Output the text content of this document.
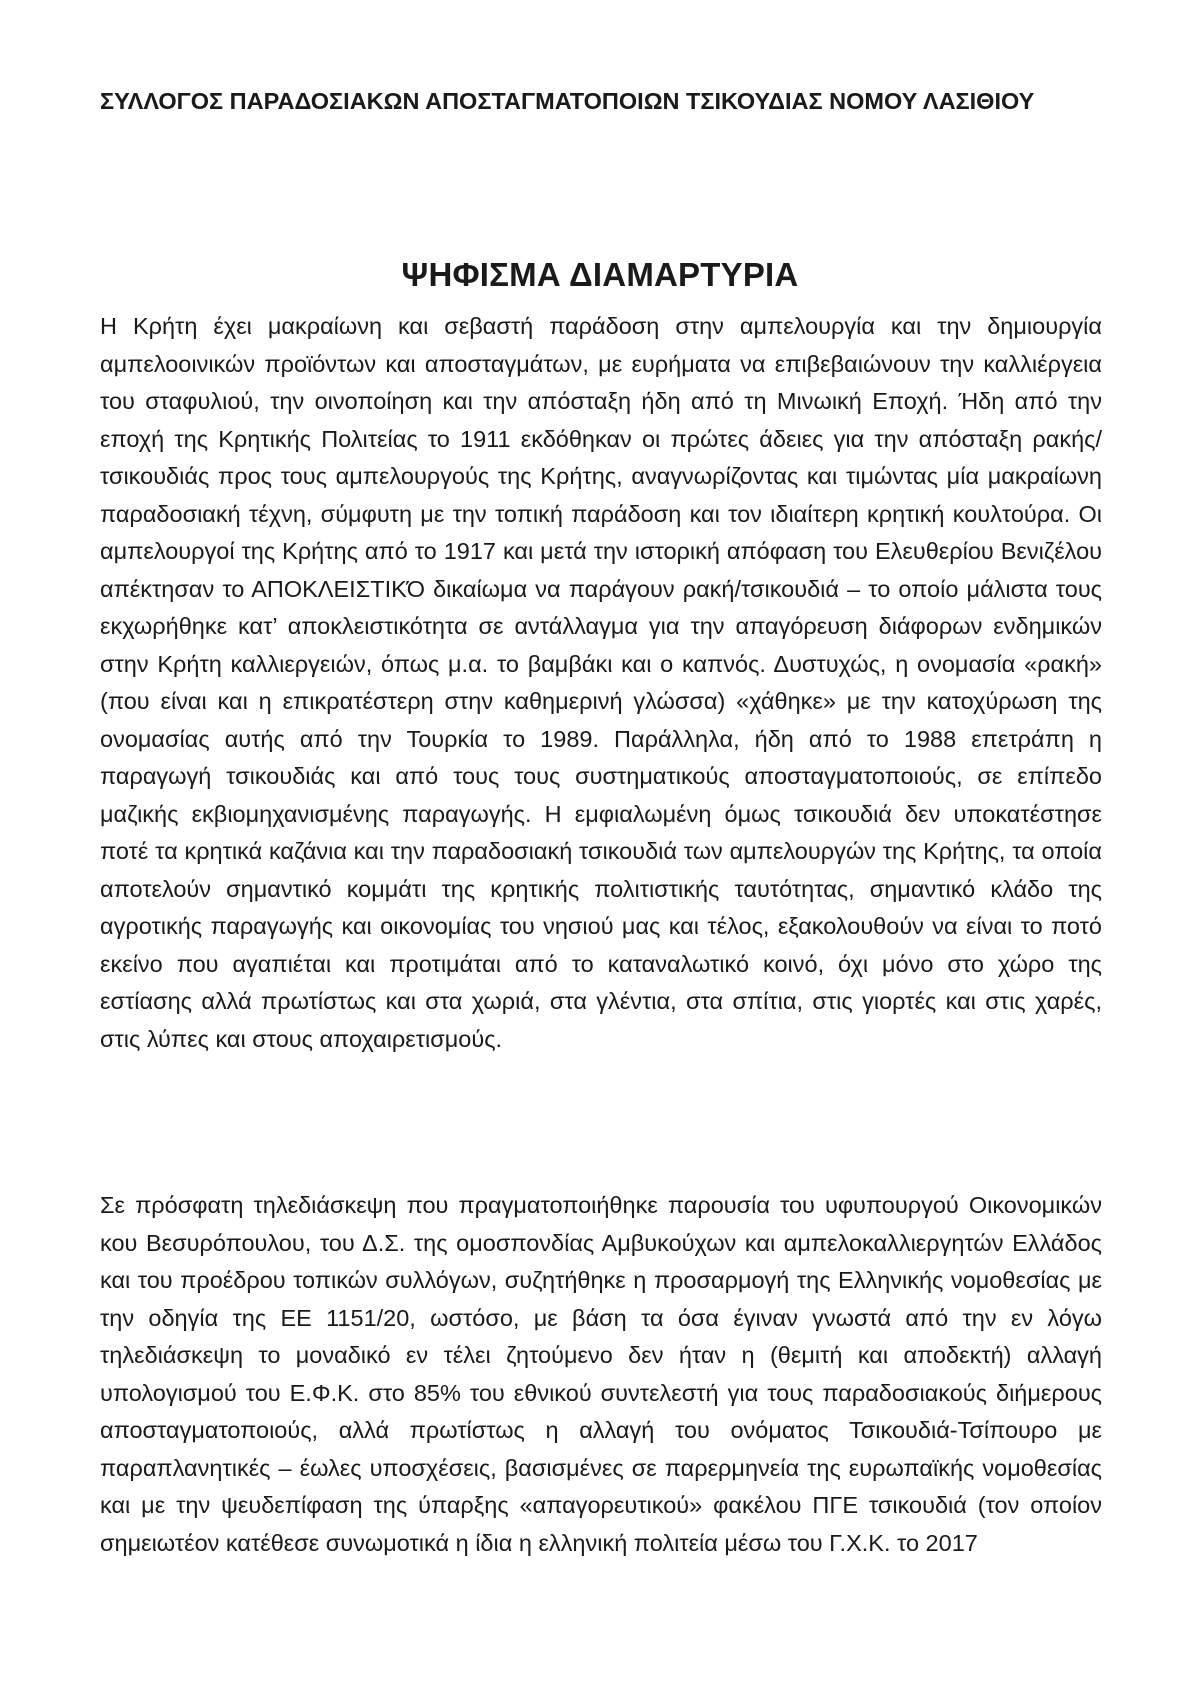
ΣΥΛΛΟΓΟΣ ΠΑΡΑΔΟΣΙΑΚΩΝ ΑΠΟΣΤΑΓΜΑΤΟΠΟΙΩΝ ΤΣΙΚΟΥΔΙΑΣ ΝΟΜΟΥ ΛΑΣΙΘΙΟΥ
ΨΗΦΙΣΜΑ ΔΙΑΜΑΡΤΥΡΙΑ

Η Κρήτη έχει μακραίωνη και σεβαστή παράδοση στην αμπελουργία και την δημιουργία αμπελοοινικών προϊόντων και αποσταγμάτων, με ευρήματα να επιβεβαιώνουν την καλλιέργεια του σταφυλιού, την οινοποίηση και την απόσταξη ήδη από τη Μινωική Εποχή. Ήδη από την εποχή της Κρητικής Πολιτείας το 1911 εκδόθηκαν οι πρώτες άδειες για την απόσταξη ρακής/τσικουδιάς προς τους αμπελουργούς της Κρήτης, αναγνωρίζοντας και τιμώντας μία μακραίωνη παραδοσιακή τέχνη, σύμφυτη με την τοπική παράδοση και τον ιδιαίτερη κρητική κουλτούρα. Οι αμπελουργοί της Κρήτης από το 1917 και μετά την ιστορική απόφαση του Ελευθερίου Βενιζέλου απέκτησαν το ΑΠΟΚΛΕΙΣΤΙΚΌ δικαίωμα να παράγουν ρακή/τσικουδιά – το οποίο μάλιστα τους εκχωρήθηκε κατ’ αποκλειστικότητα σε αντάλλαγμα για την απαγόρευση διάφορων ενδημικών στην Κρήτη καλλιεργειών, όπως μ.α. το βαμβάκι και ο καπνός. Δυστυχώς, η ονομασία «ρακή» (που είναι και η επικρατέστερη στην καθημερινή γλώσσα) «χάθηκε» με την κατοχύρωση της ονομασίας αυτής από την Τουρκία το 1989. Παράλληλα, ήδη από το 1988 επετράπη η παραγωγή τσικουδιάς και από τους τους συστηματικούς αποσταγματοποιούς, σε επίπεδο μαζικής εκβιομηχανισμένης παραγωγής. Η εμφιαλωμένη όμως τσικουδιά δεν υποκατέστησε ποτέ τα κρητικά καζάνια και την παραδοσιακή τσικουδιά των αμπελουργών της Κρήτης, τα οποία αποτελούν σημαντικό κομμάτι της κρητικής πολιτιστικής ταυτότητας, σημαντικό κλάδο της αγροτικής παραγωγής και οικονομίας του νησιού μας και τέλος, εξακολουθούν να είναι το ποτό εκείνο που αγαπιέται και προτιμάται από το καταναλωτικό κοινό, όχι μόνο στο χώρο της εστίασης αλλά πρωτίστως και στα χωριά, στα γλέντια, στα σπίτια, στις γιορτές και στις χαρές, στις λύπες και στους αποχαιρετισμούς.

Σε πρόσφατη τηλεδιάσκεψη που πραγματοποιήθηκε παρουσία του υφυπουργού Οικονομικών κου Βεσυρόπουλου, του Δ.Σ. της ομοσπονδίας Αμβυκούχων και αμπελοκαλλιεργητών Ελλάδος και του προέδρου τοπικών συλλόγων, συζητήθηκε η προσαρμογή της Ελληνικής νομοθεσίας με την οδηγία της ΕΕ 1151/20, ωστόσο, με βάση τα όσα έγιναν γνωστά από την εν λόγω τηλεδιάσκεψη το μοναδικό εν τέλει ζητούμενο δεν ήταν η (θεμιτή και αποδεκτή) αλλαγή υπολογισμού του Ε.Φ.Κ. στο 85% του εθνικού συντελεστή για τους παραδοσιακούς διήμερους αποσταγματοποιούς, αλλά πρωτίστως η αλλαγή του ονόματος Τσικουδιά-Τσίπουρο με παραπλανητικές – έωλες υποσχέσεις, βασισμένες σε παρερμηνεία της ευρωπαϊκής νομοθεσίας και με την ψευδεπίφαση της ύπαρξης «απαγορευτικού» φακέλου ΠΓΕ τσικουδιά (τον οποίον σημειωτέον κατέθεσε συνωμοτικά η ίδια η ελληνική πολιτεία μέσω του Γ.Χ.Κ. το 2017
